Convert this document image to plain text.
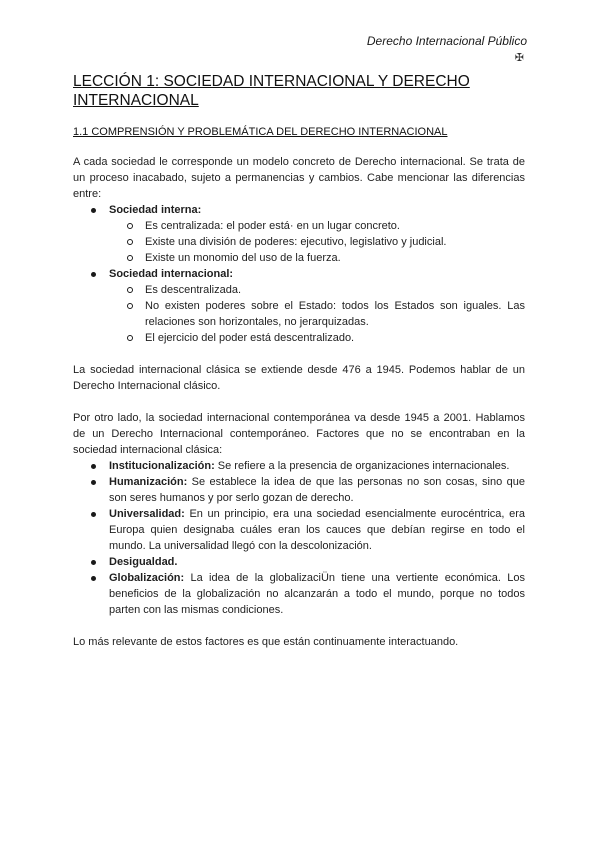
Derecho Internacional Público
✠
LECCIÓN 1: SOCIEDAD INTERNACIONAL Y DERECHO INTERNACIONAL
1.1 COMPRENSIÓN Y PROBLEMÁTICA DEL DERECHO INTERNACIONAL

A cada sociedad le corresponde un modelo concreto de Derecho internacional. Se trata de un proceso inacabado, sujeto a permanencias y cambios. Cabe mencionar las diferencias entre:

Sociedad interna:

Es centralizada: el poder está· en un lugar concreto.

Existe una división de poderes: ejecutivo, legislativo y judicial.

Existe un monomio del uso de la fuerza.

Sociedad internacional:

Es descentralizada.

No existen poderes sobre el Estado: todos los Estados son iguales. Las relaciones son horizontales, no jerarquizadas.

El ejercicio del poder está descentralizado.

La sociedad internacional clásica se extiende desde 476 a 1945. Podemos hablar de un Derecho Internacional clásico.

Por otro lado, la sociedad internacional contemporánea va desde 1945 a 2001. Hablamos de un Derecho Internacional contemporáneo. Factores que no se encontraban en la sociedad internacional clásica:

Institucionalización: Se refiere a la presencia de organizaciones internacionales.

Humanización: Se establece la idea de que las personas no son cosas, sino que son seres humanos y por serlo gozan de derecho.

Universalidad: En un principio, era una sociedad esencialmente eurocéntrica, era Europa quien designaba cuáles eran los cauces que debían regirse en todo el mundo. La universalidad llegó con la descolonización.

Desigualdad.

Globalización: La idea de la globalizaciÜn tiene una vertiente económica. Los beneficios de la globalización no alcanzarán a todo el mundo, porque no todos parten con las mismas condiciones.

Lo más relevante de estos factores es que están continuamente interactuando.
